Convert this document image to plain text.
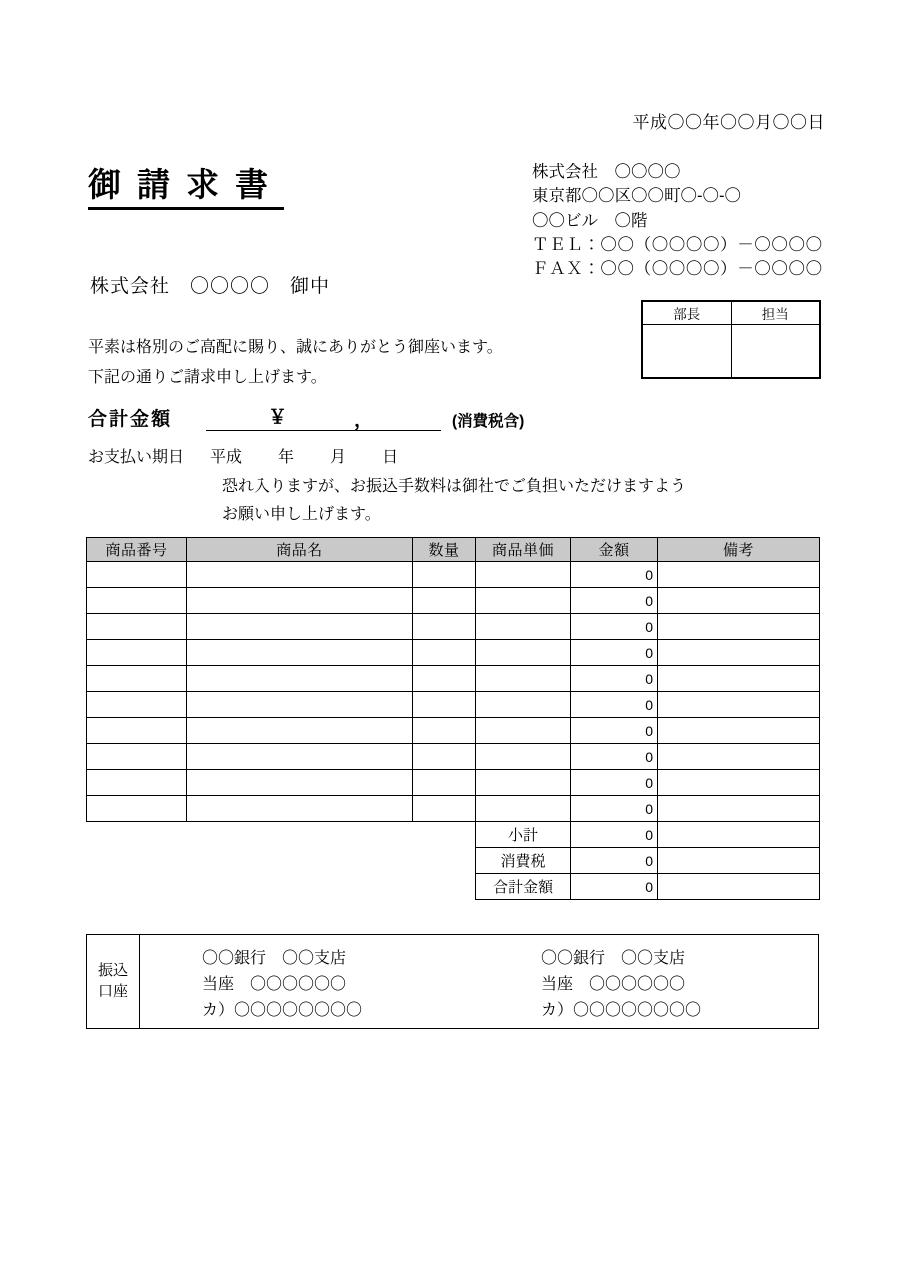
平成〇〇年〇〇月〇〇日
御請求書	株式会社　〇〇〇〇
東京都〇〇区〇〇町〇-〇-〇
〇〇ビル　〇階
ＴＥＬ：〇〇（〇〇〇〇）－〇〇〇〇
ＦＡＸ：〇〇（〇〇〇〇）－〇〇〇〇
株式会社　〇〇〇〇　御中
平素は格別のご高配に賜り、誠にありがとう御座います。
下記の通りご請求申し上げます。
部長	担当

合計金額	￥	，	(消費税含)
お支払い期日 平成 年 月 日
恐れ入りますが、お振込手数料は御社でご負担いただけますよう
お願い申し上げます。
商品番号	商品名	数量	商品単価	金額	備考
				0	
				0	
				0	
				0	
				0	
				0	
				0	
				0	
				0	
				0	
			小計	0	
			消費税	0	
			合計金額	0	
振込
口座
〇〇銀行　〇〇支店
当座　〇〇〇〇〇〇
カ）〇〇〇〇〇〇〇〇
〇〇銀行　〇〇支店
当座　〇〇〇〇〇〇
カ）〇〇〇〇〇〇〇〇
